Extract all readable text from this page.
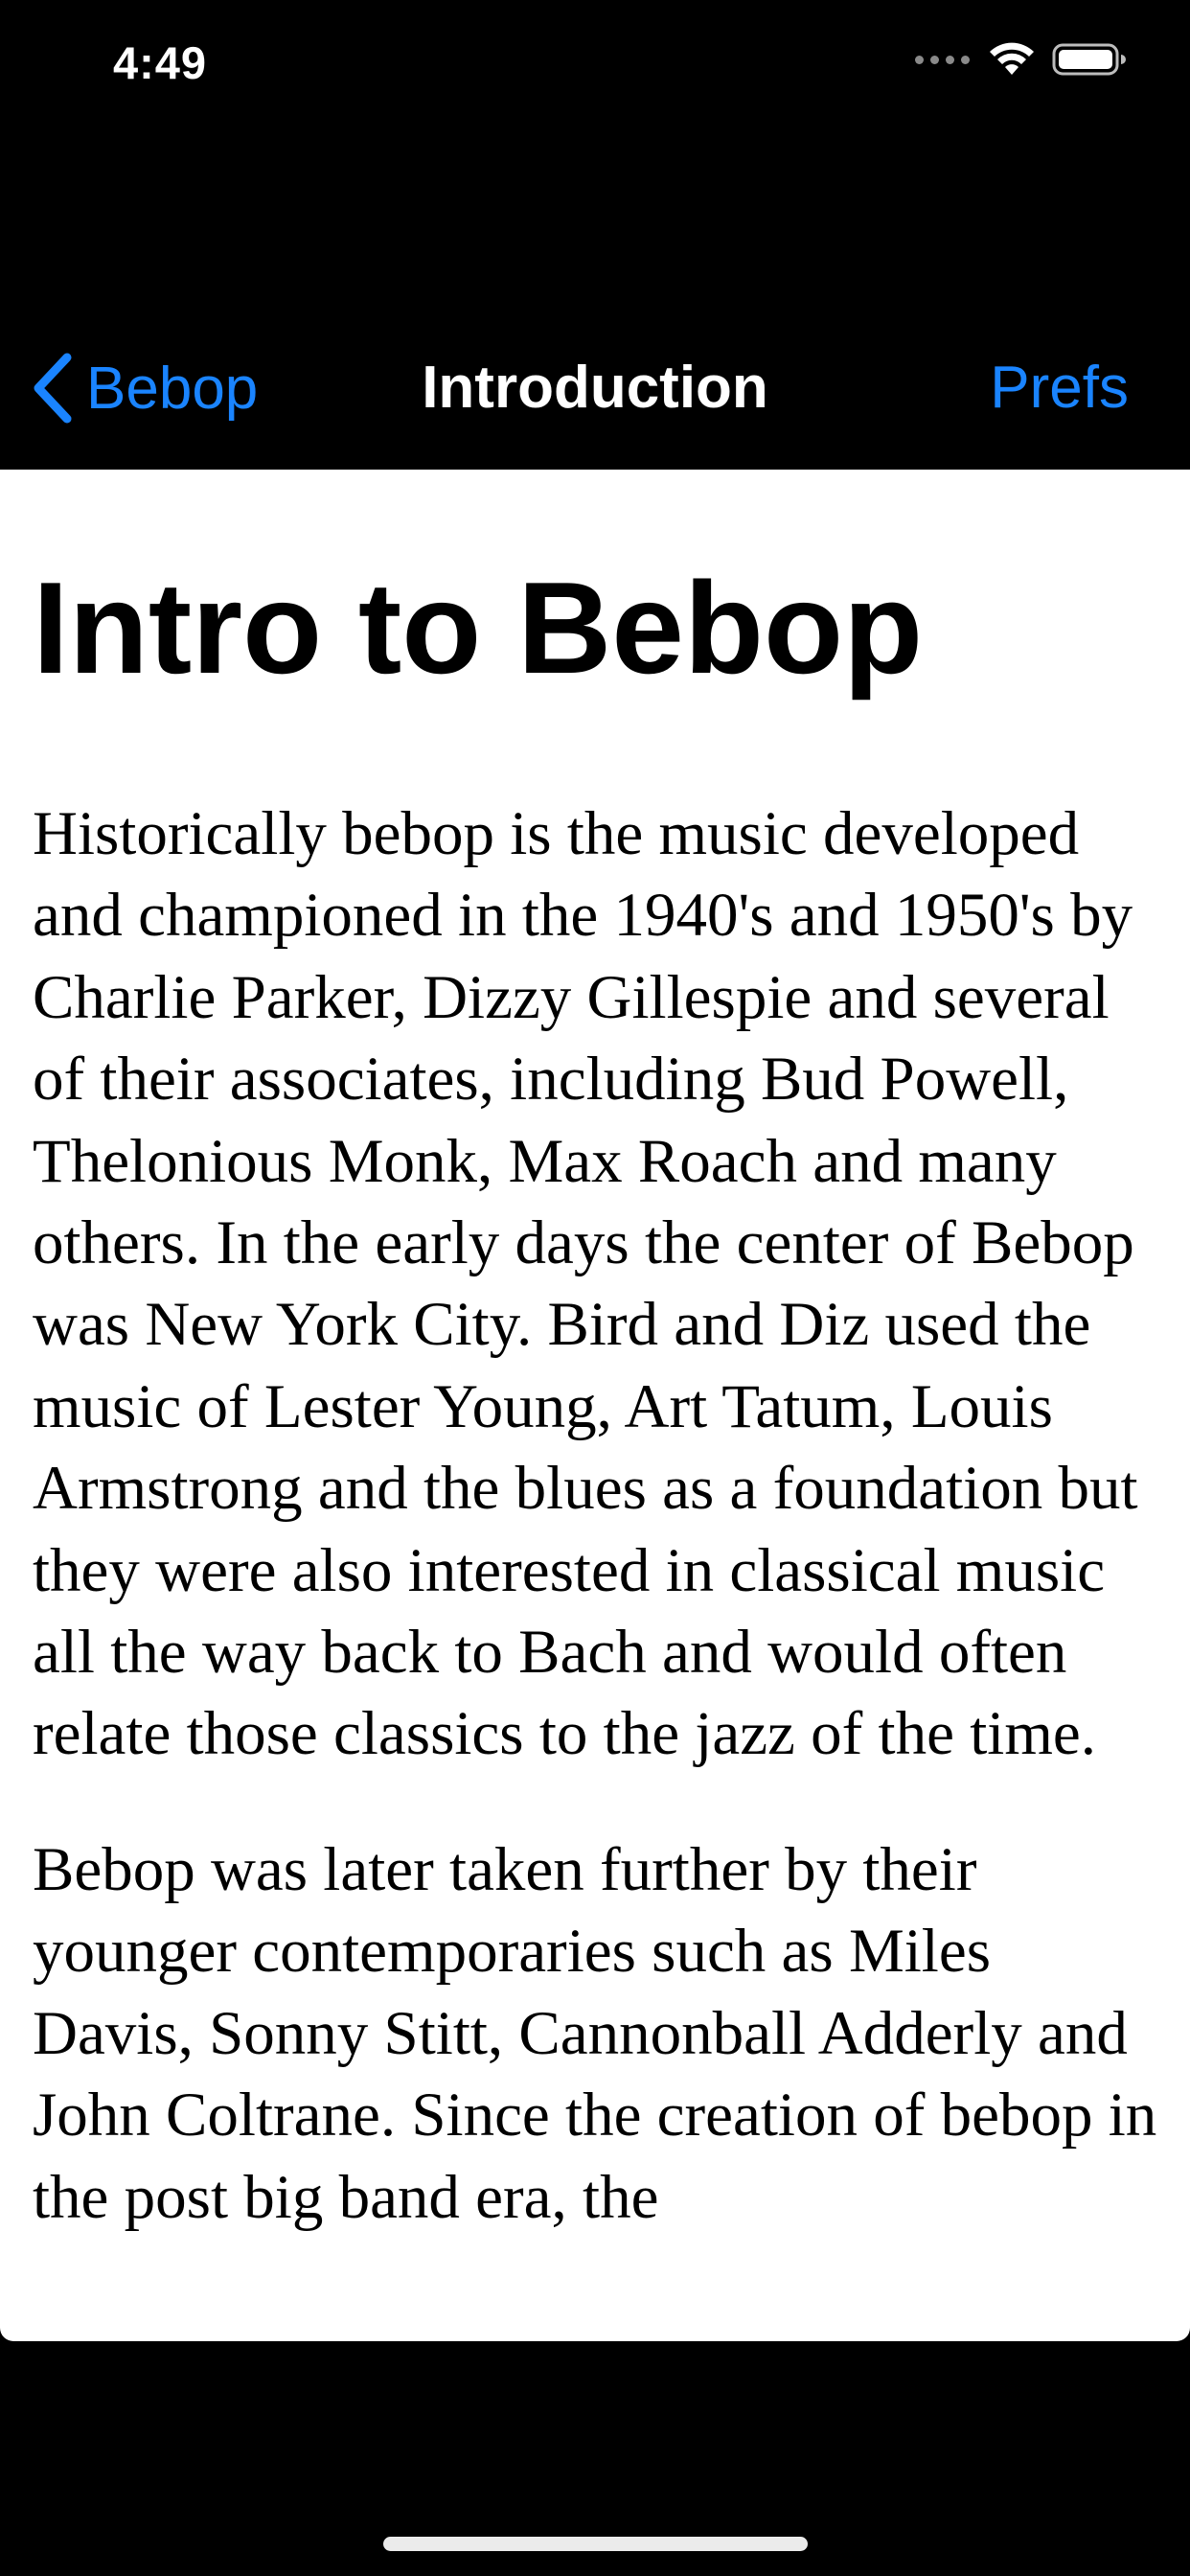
4:49
Introduction
Bebop	Prefs
Intro to Bebop

Historically bebop is the music developed and championed in the 1940's and 1950's by Charlie Parker, Dizzy Gillespie and several of their associates, including Bud Powell, Thelonious Monk, Max Roach and many others. In the early days the center of Bebop was New York City. Bird and Diz used the music of Lester Young, Art Tatum, Louis Armstrong and the blues as a foundation but they were also interested in classical music all the way back to Bach and would often relate those classics to the jazz of the time.

Bebop was later taken further by their younger contemporaries such as Miles Davis, Sonny Stitt, Cannonball Adderly and John Coltrane. Since the creation of bebop in the post big band era, the
